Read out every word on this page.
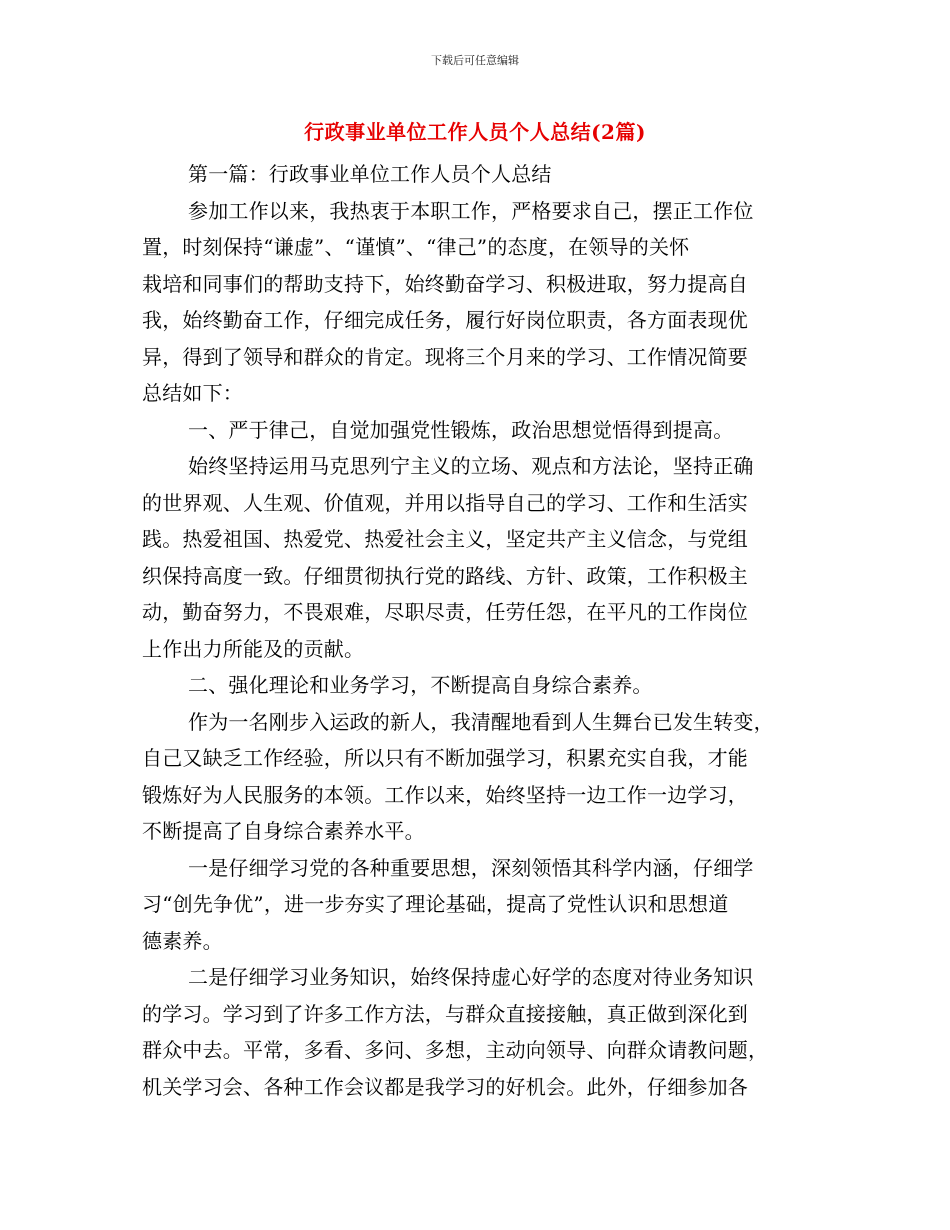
下载后可任意编辑
行政事业单位工作人员个人总结(2篇)
第一篇：行政事业单位工作人员个人总结
参加工作以来，我热衷于本职工作，严格要求自己，摆正工作位
置，时刻保持“谦虚”、“谨慎”、“律己”的态度，在领导的关怀
栽培和同事们的帮助支持下，始终勤奋学习、积极进取，努力提高自
我，始终勤奋工作，仔细完成任务，履行好岗位职责，各方面表现优
异，得到了领导和群众的肯定。现将三个月来的学习、工作情况简要
总结如下：
一、严于律己，自觉加强党性锻炼，政治思想觉悟得到提高。
始终坚持运用马克思列宁主义的立场、观点和方法论，坚持正确
的世界观、人生观、价值观，并用以指导自己的学习、工作和生活实
践。热爱祖国、热爱党、热爱社会主义，坚定共产主义信念，与党组
织保持高度一致。仔细贯彻执行党的路线、方针、政策，工作积极主
动，勤奋努力，不畏艰难，尽职尽责，任劳任怨，在平凡的工作岗位
上作出力所能及的贡献。
二、强化理论和业务学习，不断提高自身综合素养。
作为一名刚步入运政的新人，我清醒地看到人生舞台已发生转变，
自己又缺乏工作经验，所以只有不断加强学习，积累充实自我，才能
锻炼好为人民服务的本领。工作以来，始终坚持一边工作一边学习，
不断提高了自身综合素养水平。
一是仔细学习党的各种重要思想，深刻领悟其科学内涵，仔细学
习“创先争优”，进一步夯实了理论基础，提高了党性认识和思想道
德素养。
二是仔细学习业务知识，始终保持虚心好学的态度对待业务知识
的学习。学习到了许多工作方法，与群众直接接触，真正做到深化到
群众中去。平常，多看、多问、多想，主动向领导、向群众请教问题，
机关学习会、各种工作会议都是我学习的好机会。此外，仔细参加各
